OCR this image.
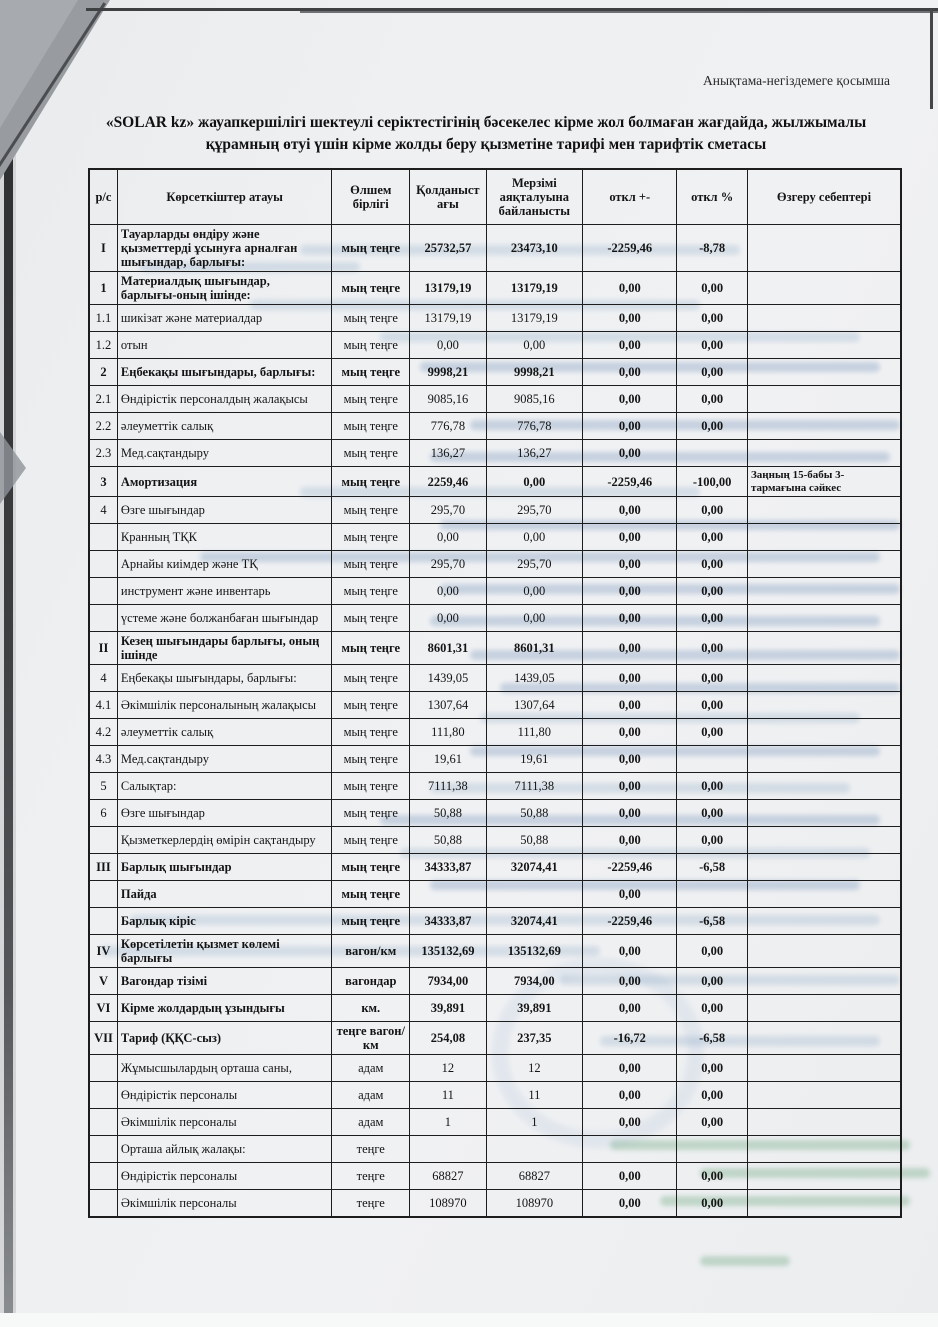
Анықтама-негіздемеге қосымша
«SOLAR kz» жауапкершілігі шектеулі серіктестігінің бәсекелес кірме жол болмаған жағдайда, жылжымалы құрамның өтуі үшін кірме жолды беру қызметіне тарифі мен тарифтік сметасы
р/с	Көрсеткіштер атауы	Өлшем бірлігі	Қолданыст ағы	Мерзімі аяқталуына байланысты	откл +-	откл %	Өзгеру себептері
I	Тауарларды өндіру және қызметтерді ұсынуға арналған шығындар, барлығы:	мың теңге	25732,57	23473,10	-2259,46	-8,78	
1	Материалдық шығындар, барлығы-оның ішінде:	мың теңге	13179,19	13179,19	0,00	0,00	
1.1	шикізат және материалдар	мың теңге	13179,19	13179,19	0,00	0,00	
1.2	отын	мың теңге	0,00	0,00	0,00	0,00	
2	Еңбекақы шығындары, барлығы:	мың теңге	9998,21	9998,21	0,00	0,00	
2.1	Өндірістік персоналдың жалақысы	мың теңге	9085,16	9085,16	0,00	0,00	
2.2	әлеуметтік салық	мың теңге	776,78	776,78	0,00	0,00	
2.3	Мед.сақтандыру	мың теңге	136,27	136,27	0,00		
3	Амортизация	мың теңге	2259,46	0,00	-2259,46	-100,00	Заңның 15-бабы 3-тармағына сәйкес
4	Өзге шығындар	мың теңге	295,70	295,70	0,00	0,00	
	Кранның ТҚК	мың теңге	0,00	0,00	0,00	0,00	
	Арнайы киімдер және ТҚ	мың теңге	295,70	295,70	0,00	0,00	
	инструмент және инвентарь	мың теңге	0,00	0,00	0,00	0,00	
	үстеме және болжанбаған шығындар	мың теңге	0,00	0,00	0,00	0,00	
II	Кезең шығындары барлығы, оның ішінде	мың теңге	8601,31	8601,31	0,00	0,00	
4	Еңбекақы шығындары, барлығы:	мың теңге	1439,05	1439,05	0,00	0,00	
4.1	Әкімшілік персоналының жалақысы	мың теңге	1307,64	1307,64	0,00	0,00	
4.2	әлеуметтік салық	мың теңге	111,80	111,80	0,00	0,00	
4.3	Мед.сақтандыру	мың теңге	19,61	19,61	0,00		
5	Салықтар:	мың теңге	7111,38	7111,38	0,00	0,00	
6	Өзге шығындар	мың теңге	50,88	50,88	0,00	0,00	
	Қызметкерлердің өмірін сақтандыру	мың теңге	50,88	50,88	0,00	0,00	
III	Барлық шығындар	мың теңге	34333,87	32074,41	-2259,46	-6,58	
	Пайда	мың теңге			0,00		
	Барлық кіріс	мың теңге	34333,87	32074,41	-2259,46	-6,58	
IV	Көрсетілетін қызмет көлемі барлығы	вагон/км	135132,69	135132,69	0,00	0,00	
V	Вагондар тізімі	вагондар	7934,00	7934,00	0,00	0,00	
VI	Кірме жолдардың ұзындығы	км.	39,891	39,891	0,00	0,00	
VII	Тариф (ҚҚС-сыз)	теңге вагон/км	254,08	237,35	-16,72	-6,58	
	Жұмысшылардың орташа саны,	адам	12	12	0,00	0,00	
	Өндірістік персоналы	адам	11	11	0,00	0,00	
	Әкімшілік персоналы	адам	1	1	0,00	0,00	
	Орташа айлық жалақы:	теңге					
	Өндірістік персоналы	теңге	68827	68827	0,00	0,00	
	Әкімшілік персоналы	теңге	108970	108970	0,00	0,00	
